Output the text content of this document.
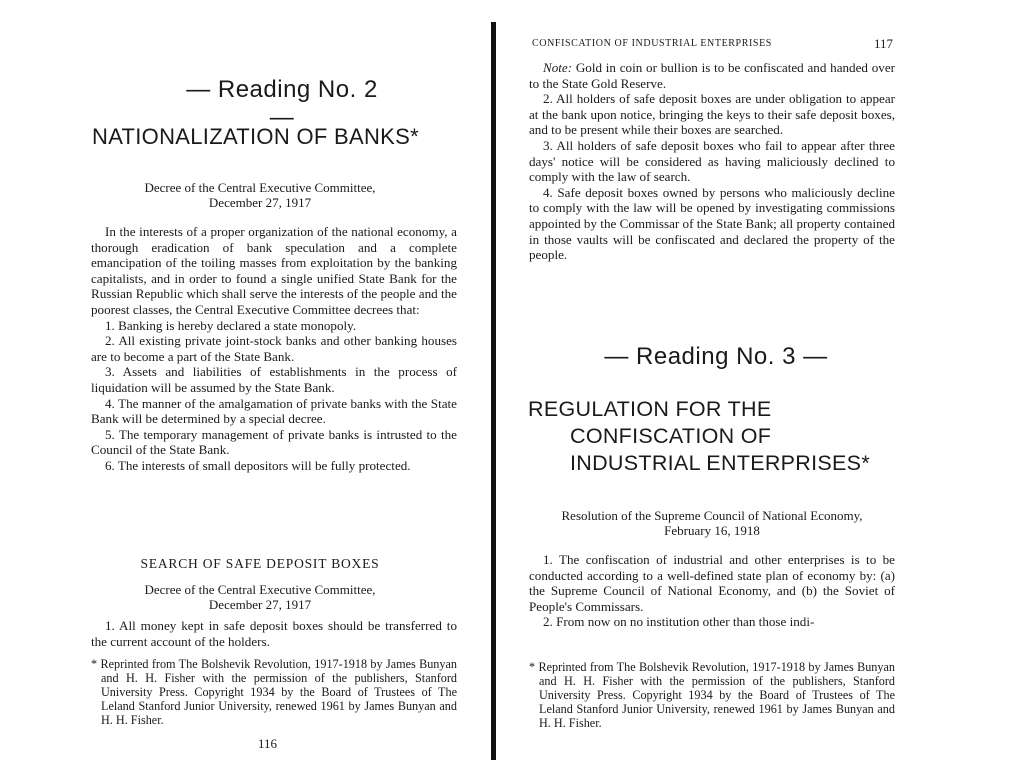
— Reading No. 2 —
NATIONALIZATION OF BANKS*
Decree of the Central Executive Committee,
December 27, 1917

In the interests of a proper organization of the national economy, a thorough eradication of bank speculation and a complete emancipation of the toiling masses from exploitation by the banking capitalists, and in order to found a single unified State Bank for the Russian Republic which shall serve the interests of the people and the poorest classes, the Central Executive Committee decrees that:

1. Banking is hereby declared a state monopoly.

2. All existing private joint-stock banks and other banking houses are to become a part of the State Bank.

3. Assets and liabilities of establishments in the process of liquidation will be assumed by the State Bank.

4. The manner of the amalgamation of private banks with the State Bank will be determined by a special decree.

5. The temporary management of private banks is intrusted to the Council of the State Bank.

6. The interests of small depositors will be fully protected.

SEARCH OF SAFE DEPOSIT BOXES
Decree of the Central Executive Committee,
December 27, 1917

1. All money kept in safe deposit boxes should be transferred to the current account of the holders.

* Reprinted from The Bolshevik Revolution, 1917-1918 by James Bunyan and H. H. Fisher with the permission of the publishers, Stanford University Press. Copyright 1934 by the Board of Trustees of The Leland Stanford Junior University, renewed 1961 by James Bunyan and H. H. Fisher.

116
CONFISCATION OF INDUSTRIAL ENTERPRISES	117

Note: Gold in coin or bullion is to be confiscated and handed over to the State Gold Reserve.

2. All holders of safe deposit boxes are under obligation to appear at the bank upon notice, bringing the keys to their safe deposit boxes, and to be present while their boxes are searched.

3. All holders of safe deposit boxes who fail to appear after three days' notice will be considered as having maliciously declined to comply with the law of search.

4. Safe deposit boxes owned by persons who maliciously decline to comply with the law will be opened by investigating commissions appointed by the Commissar of the State Bank; all property contained in those vaults will be confiscated and declared the property of the people.

— Reading No. 3 —
REGULATION FOR THE
CONFISCATION OF
INDUSTRIAL ENTERPRISES*
Resolution of the Supreme Council of National Economy,
February 16, 1918

1. The confiscation of industrial and other enterprises is to be conducted according to a well-defined state plan of economy by: (a) the Supreme Council of National Economy, and (b) the Soviet of People's Commissars.

2. From now on no institution other than those indi-

* Reprinted from The Bolshevik Revolution, 1917-1918 by James Bunyan and H. H. Fisher with the permission of the publishers, Stanford University Press. Copyright 1934 by the Board of Trustees of The Leland Stanford Junior University, renewed 1961 by James Bunyan and H. H. Fisher.
